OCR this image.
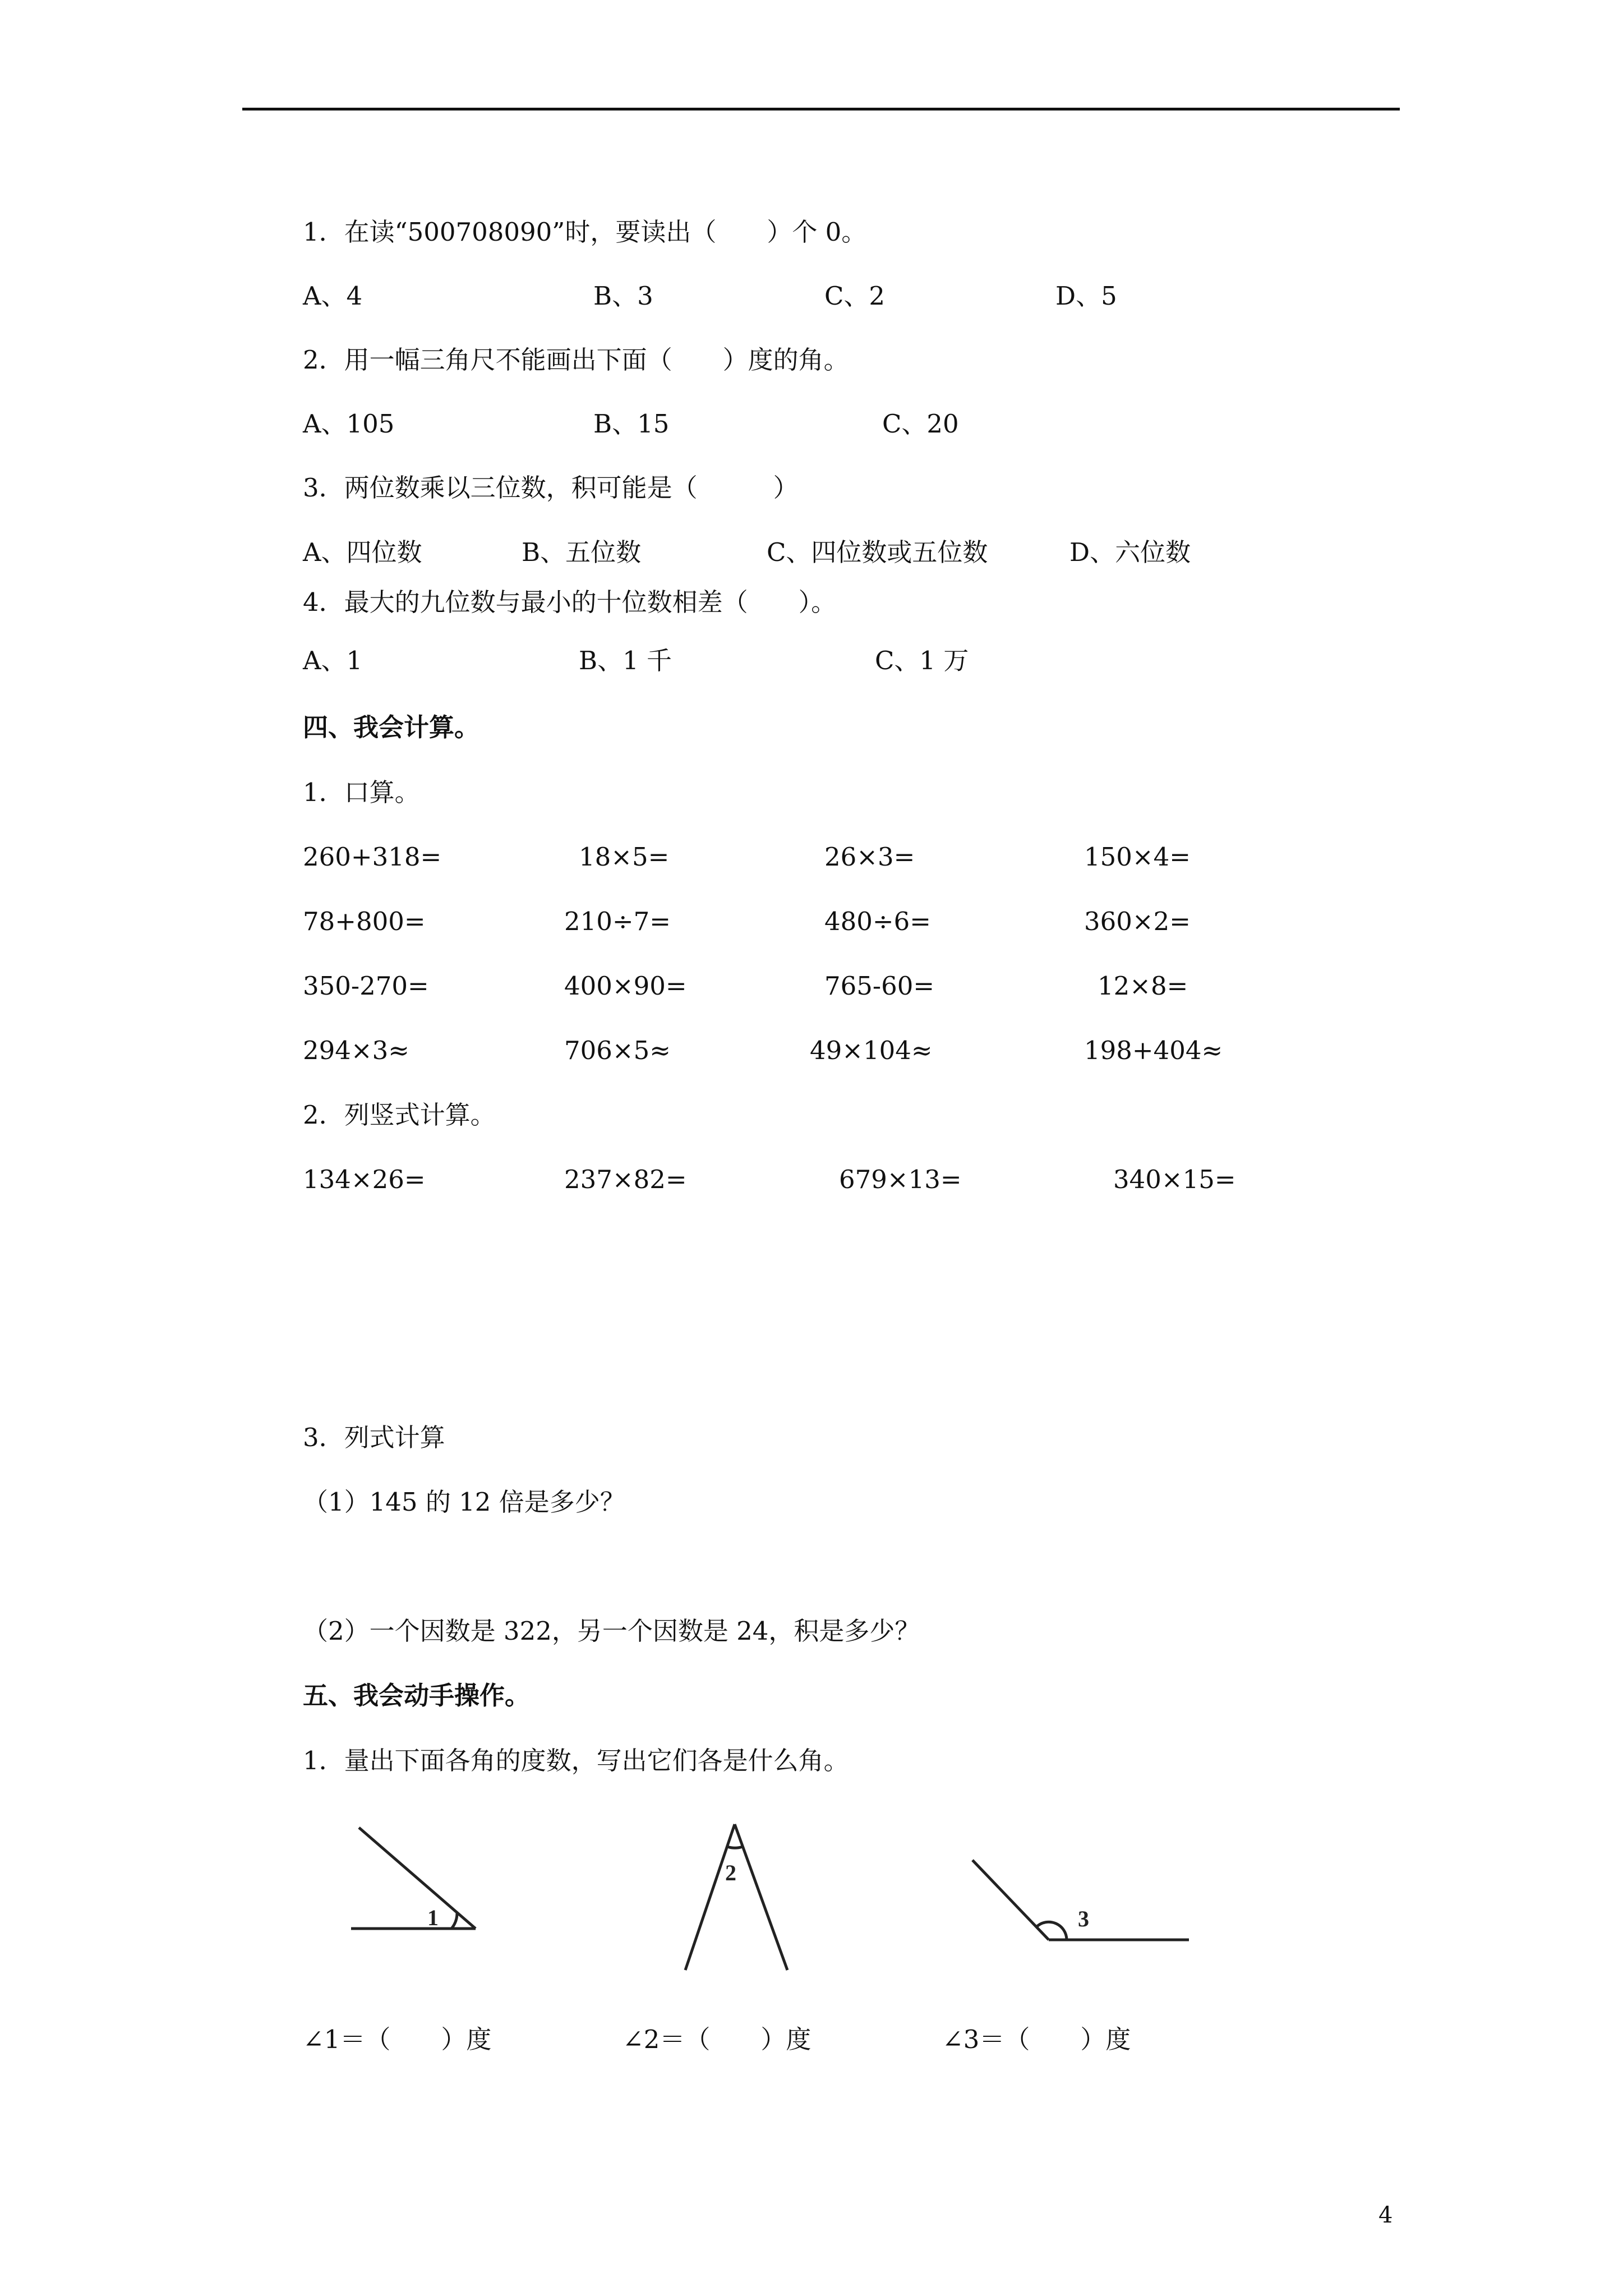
1．在读“500708090”时，要读出（　　）个 0。
A、4	B、3	C、2	D、5
2．用一幅三角尺不能画出下面（　　）度的角。
A、105	B、15	C、20
3．两位数乘以三位数，积可能是（　　　）
A、四位数	B、五位数	C、四位数或五位数	D、六位数
4．最大的九位数与最小的十位数相差（　　）。
A、1	B、1 千	C、1 万
四、我会计算。
1．口算。
260+318=	18×5=	26×3=	150×4=
78+800=	210÷7=	480÷6=	360×2=
350-270=	400×90=	765-60=	12×8=
294×3≈	706×5≈	49×104≈	198+404≈
2．列竖式计算。
134×26=	237×82=	679×13=	340×15=
3．列式计算
（1）145 的 12 倍是多少？
（2）一个因数是 322，另一个因数是 24，积是多少？
五、我会动手操作。
1．量出下面各角的度数，写出它们各是什么角。
1
2
3
∠1＝（　　）度	∠2＝（　　）度	∠3＝（　　）度
4
